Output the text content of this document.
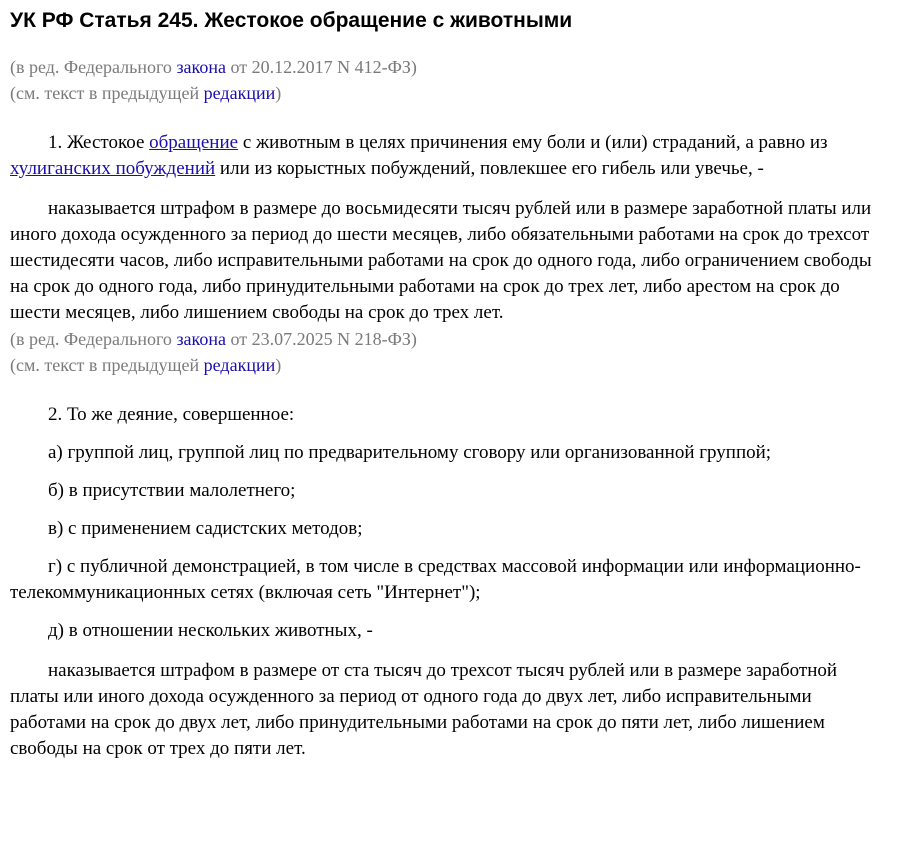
УК РФ Статья 245. Жестокое обращение с животными

(в ред. Федерального закона от 20.12.2017 N 412-ФЗ)

(см. текст в предыдущей редакции)

1. Жестокое обращение с животным в целях причинения ему боли и (или) страданий, а равно из хулиганских побуждений или из корыстных побуждений, повлекшее его гибель или увечье, -

наказывается штрафом в размере до восьмидесяти тысяч рублей или в размере заработной платы или иного дохода осужденного за период до шести месяцев, либо обязательными работами на срок до трехсот шестидесяти часов, либо исправительными работами на срок до одного года, либо ограничением свободы на срок до одного года, либо принудительными работами на срок до трех лет, либо арестом на срок до шести месяцев, либо лишением свободы на срок до трех лет.

(в ред. Федерального закона от 23.07.2025 N 218-ФЗ)

(см. текст в предыдущей редакции)

2. То же деяние, совершенное:

а) группой лиц, группой лиц по предварительному сговору или организованной группой;

б) в присутствии малолетнего;

в) с применением садистских методов;

г) с публичной демонстрацией, в том числе в средствах массовой информации или информационно-телекоммуникационных сетях (включая сеть "Интернет");

д) в отношении нескольких животных, -

наказывается штрафом в размере от ста тысяч до трехсот тысяч рублей или в размере заработной платы или иного дохода осужденного за период от одного года до двух лет, либо исправительными работами на срок до двух лет, либо принудительными работами на срок до пяти лет, либо лишением свободы на срок от трех до пяти лет.
